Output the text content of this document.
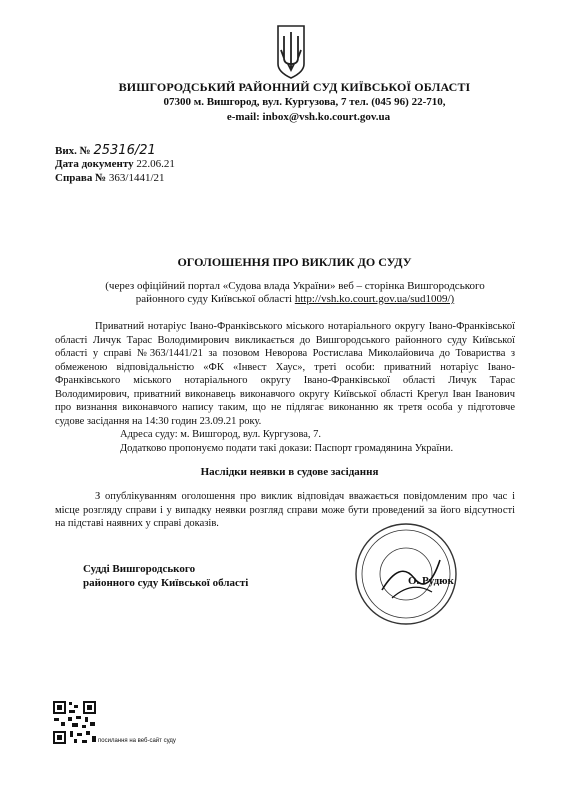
ВИШГОРОДСЬКИЙ РАЙОННИЙ СУД КИЇВСЬКОЇ ОБЛАСТІ
07300 м. Вишгород, вул. Кургузова, 7 тел. (045 96) 22-710,
e-mail: inbox@vsh.ko.court.gov.ua
Вих. № 25316/21
Дата документу 22.06.21
Справа № 363/1441/21
ОГОЛОШЕННЯ ПРО ВИКЛИК ДО СУДУ
(через офіційний портал «Судова влада України» веб – сторінка Вишгородського районного суду Київської області http://vsh.ko.court.gov.ua/sud1009/)

Приватний нотаріус Івано-Франківського міського нотаріального округу Івано-Франківської області Личук Тарас Володимирович викликається до Вишгородського районного суду Київської області у справі №363/1441/21 за позовом Неворова Ростислава Миколайовича до Товариства з обмеженою відповідальністю «ФК «Інвест Хаус», треті особи: приватний нотаріус Івано-Франківського міського нотаріального округу Івано-Франківської області Личук Тарас Володимирович, приватний виконавець виконавчого округу Київської області Крегул Іван Іванович про визнання виконавчого напису таким, що не підлягає виконанню як третя особа у підготовче судове засідання на 14:30 годин 23.09.21 року.

Адреса суду: м. Вишгород, вул. Кургузова, 7.

Додатково пропонуємо подати такі докази: Паспорт громадянина України.

Наслідки неявки в судове засідання
З опублікуванням оголошення про виклик відповідач вважається повідомленим про час і місце розгляду справи і у випадку неявки розгляд справи може бути проведений за його відсутності на підставі наявних у справі доказів.
Судді Вишгородського
районного суду Київської області	О. Рудюк
посилання на веб-сайт суду
